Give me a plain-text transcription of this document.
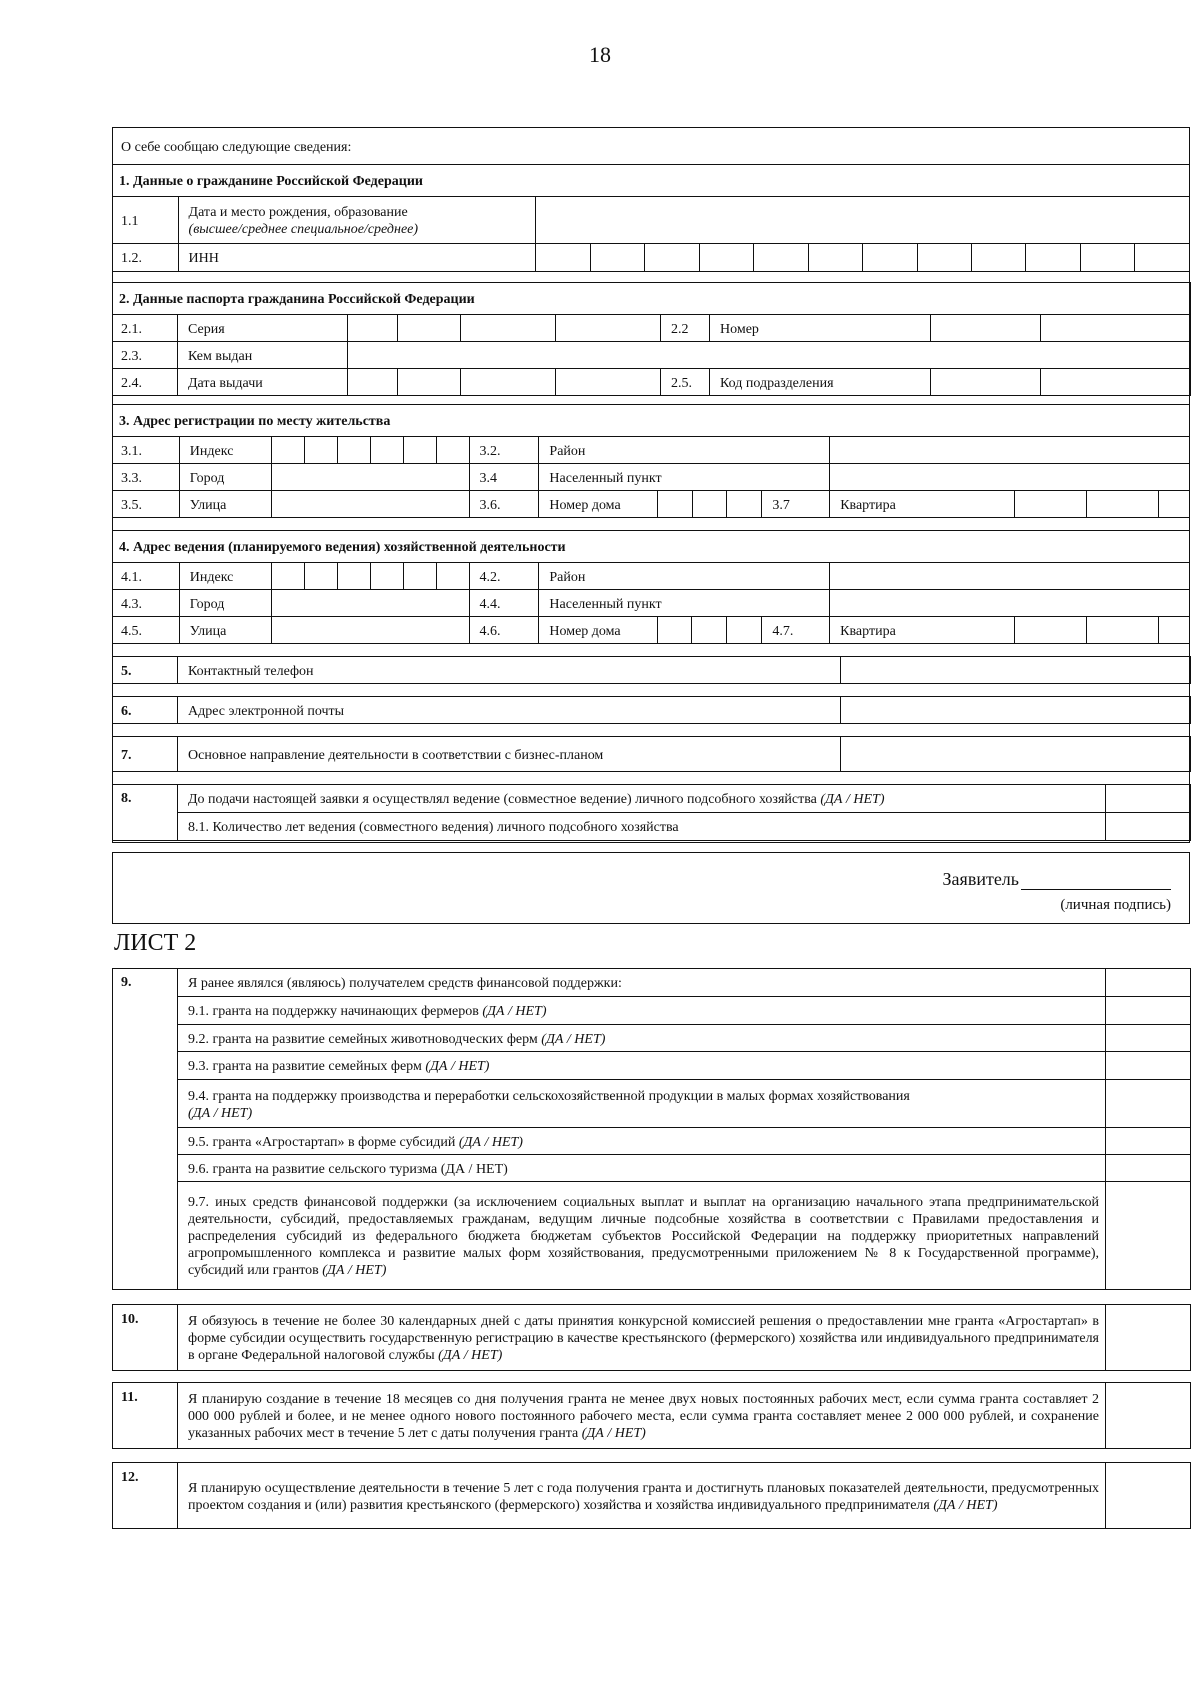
18
О себе сообщаю следующие сведения:													
1. Данные о гражданине Российской Федерации													
1.1	Дата и место рождения, образование
(высшее/среднее специальное/среднее)												
1.2.	ИНН												
2. Данные паспорта гражданина Российской Федерации									
2.1.	Серия					2.2	Номер		
2.3.	Кем выдан								
2.4.	Дата выдачи					2.5.	Код подразделения		
3. Адрес регистрации по месту жительства																	
3.1.	Индекс							3.2.	Район								
3.3.	Город							3.4	Населенный пункт								
3.5.	Улица							3.6.	Номер дома				3.7	Квартира			
4. Адрес ведения (планируемого ведения) хозяйственной деятельности																	
4.1.	Индекс							4.2.	Район								
4.3.	Город							4.4.	Населенный пункт								
4.5.	Улица							4.6.	Номер дома				4.7.	Квартира			
5.	Контактный телефон	
6.	Адрес электронной почты	
7.	Основное направление деятельности в соответствии с бизнес-планом	
8.	До подачи настоящей заявки я осуществлял ведение (совместное ведение) личного подсобного хозяйства (ДА / НЕТ)	
	8.1. Количество лет ведения (совместного ведения) личного подсобного хозяйства	
Заявитель
(личная подпись)
ЛИСТ 2
9.	Я ранее являлся (являюсь) получателем средств финансовой поддержки:	
	9.1. гранта на поддержку начинающих фермеров (ДА / НЕТ)	
	9.2. гранта на развитие семейных животноводческих ферм (ДА / НЕТ)	
	9.3. гранта на развитие семейных ферм (ДА / НЕТ)	
	9.4. гранта на поддержку производства и переработки сельскохозяйственной продукции в малых формах хозяйствования
(ДА / НЕТ)	
	9.5. гранта «Агростартап» в форме субсидий (ДА / НЕТ)	
	9.6. гранта на развитие сельского туризма (ДА / НЕТ)	
	9.7. иных средств финансовой поддержки (за исключением социальных выплат и выплат на организацию начального этапа предпринимательской деятельности, субсидий, предоставляемых гражданам, ведущим личные подсобные хозяйства в соответствии с Правилами предоставления и распределения субсидий из федерального бюджета бюджетам субъектов Российской Федерации на поддержку приоритетных направлений агропромышленного комплекса и развитие малых форм хозяйствования, предусмотренными приложением № 8 к Государственной программе), субсидий или грантов (ДА / НЕТ)	
10.	Я обязуюсь в течение не более 30 календарных дней с даты принятия конкурсной комиссией решения о предоставлении мне гранта «Агростартап» в форме субсидии осуществить государственную регистрацию в качестве крестьянского (фермерского) хозяйства или индивидуального предпринимателя в органе Федеральной налоговой службы (ДА / НЕТ)	
11.	Я планирую создание в течение 18 месяцев со дня получения гранта не менее двух новых постоянных рабочих мест, если сумма гранта составляет 2 000 000 рублей и более, и не менее одного нового постоянного рабочего места, если сумма гранта составляет менее 2 000 000 рублей, и сохранение указанных рабочих мест в течение 5 лет с даты получения гранта (ДА / НЕТ)	
12.	Я планирую осуществление деятельности в течение 5 лет с года получения гранта и достигнуть плановых показателей деятельности, предусмотренных проектом создания и (или) развития крестьянского (фермерского) хозяйства и хозяйства индивидуального предпринимателя (ДА / НЕТ)	
